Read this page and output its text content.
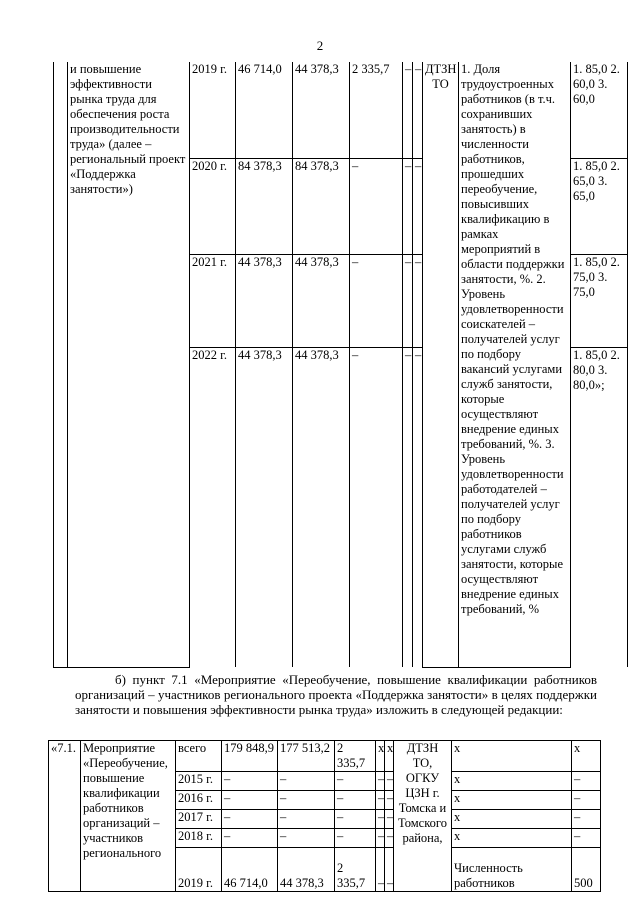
2
	и повышение эффективности рынка труда для обеспечения роста производительности труда» (далее – региональный проект «Поддержка занятости»)	2019 г.	46 714,0	44 378,3	2 335,7	–	–	ДТЗН ТО	1. Доля трудоустроенных работников (в т.ч. сохранивших занятость) в численности работников, прошедших переобучение, повысивших квалификацию в рамках мероприятий в области поддержки занятости, %. 2. Уровень удовлетворенности соискателей – получателей услуг по подбору вакансий услугами служб занятости, которые осуществляют внедрение единых требований, %. 3. Уровень удовлетворенности работодателей – получателей услуг по подбору работников услугами служб занятости, которые осуществляют внедрение единых требований, %	1. 85,0 2. 60,0 3. 60,0
		2020 г.	84 378,3	84 378,3	–	–	–			1. 85,0 2. 65,0 3. 65,0
		2021 г.	44 378,3	44 378,3	–	–	–			1. 85,0 2. 75,0 3. 75,0
		2022 г.	44 378,3	44 378,3	–	–	–			1. 85,0 2. 80,0 3. 80,0»;
б) пункт 7.1 «Мероприятие «Переобучение, повышение квалификации работников организаций – участников регионального проекта «Поддержка занятости» в целях поддержки занятости и повышения эффективности рынка труда» изложить в следующей редакции:
«7.1.	Мероприятие «Переобучение, повышение квалификации работников организаций – участников регионального	всего	179 848,9	177 513,2	2 335,7	x	x	ДТЗН ТО, ОГКУ ЦЗН г. Томска и Томского района,	x	x
		2015 г.	–	–	–	–	–		x	–
		2016 г.	–	–	–	–	–		x	–
		2017 г.	–	–	–	–	–		x	–
		2018 г.	–	–	–	–	–		x	–
		2019 г.	46 714,0	44 378,3	2 335,7	–	–		Численность работников	500
